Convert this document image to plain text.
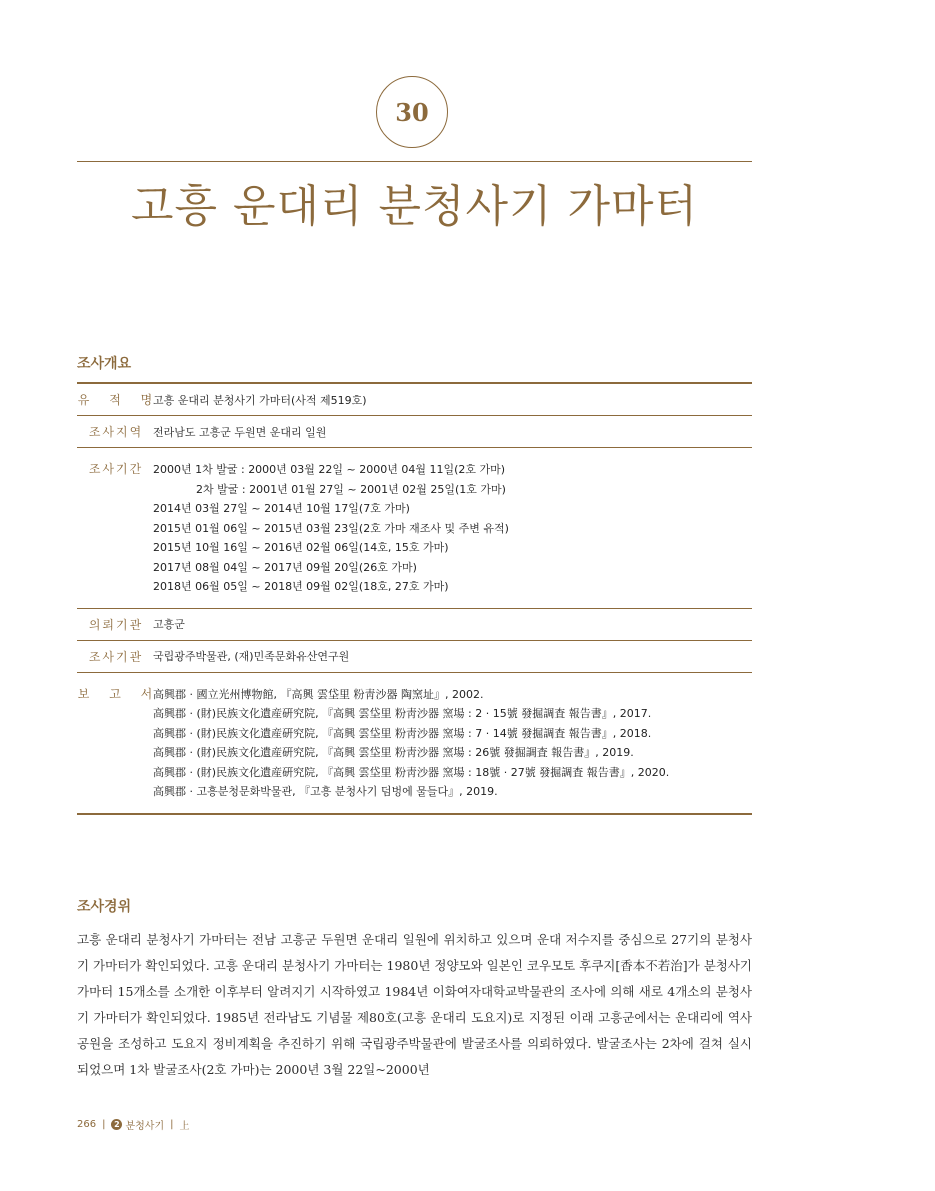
30
고흥 운대리 분청사기 가마터
조사개요
유 적 명
고흥 운대리 분청사기 가마터(사적 제519호)
조사지역 전라남도 고흥군 두원면 운대리 일원
조사기간 2000년 1차 발굴 : 2000년 03월 22일 ~ 2000년 04월 11일(2호 가마)
2차 발굴 : 2001년 01월 27일 ~ 2001년 02월 25일(1호 가마)
2014년 03월 27일 ~ 2014년 10월 17일(7호 가마)
2015년 01월 06일 ~ 2015년 03월 23일(2호 가마 재조사 및 주변 유적)
2015년 10월 16일 ~ 2016년 02월 06일(14호, 15호 가마)
2017년 08월 04일 ~ 2017년 09월 20일(26호 가마)
2018년 06월 05일 ~ 2018년 09월 02일(18호, 27호 가마)
의뢰기관 고흥군
조사기관 국립광주박물관, (재)민족문화유산연구원
보 고 서
高興郡 · 國立光州博物館, 『高興 雲垈里 粉靑沙器 陶窯址』, 2002.
高興郡 · (財)民族文化遺産硏究院, 『高興 雲垈里 粉靑沙器 窯場 : 2 · 15號 發掘調査 報告書』, 2017.
高興郡 · (財)民族文化遺産硏究院, 『高興 雲垈里 粉靑沙器 窯場 : 7 · 14號 發掘調査 報告書』, 2018.
高興郡 · (財)民族文化遺産硏究院, 『高興 雲垈里 粉靑沙器 窯場 : 26號 發掘調査 報告書』, 2019.
高興郡 · (財)民族文化遺産硏究院, 『高興 雲垈里 粉靑沙器 窯場 : 18號 · 27號 發掘調査 報告書』, 2020.
高興郡 · 고흥분청문화박물관, 『고흥 분청사기 덤벙에 물들다』, 2019.
조사경위

고흥 운대리 분청사기 가마터는 전남 고흥군 두원면 운대리 일원에 위치하고 있으며 운대 저수지를 중심으로 27기의 분청사기 가마터가 확인되었다. 고흥 운대리 분청사기 가마터는 1980년 정양모와 일본인 코우모토 후쿠지[香本不若治]가 분청사기 가마터 15개소를 소개한 이후부터 알려지기 시작하였고 1984년 이화여자대학교박물관의 조사에 의해 새로 4개소의 분청사기 가마터가 확인되었다. 1985년 전라남도 기념물 제80호(고흥 운대리 도요지)로 지정된 이래 고흥군에서는 운대리에 역사공원을 조성하고 도요지 정비계획을 추진하기 위해 국립광주박물관에 발굴조사를 의뢰하였다. 발굴조사는 2차에 걸쳐 실시되었으며 1차 발굴조사(2호 가마)는 2000년 3월 22일~2000년

266 |	2 분청사기 | 上
